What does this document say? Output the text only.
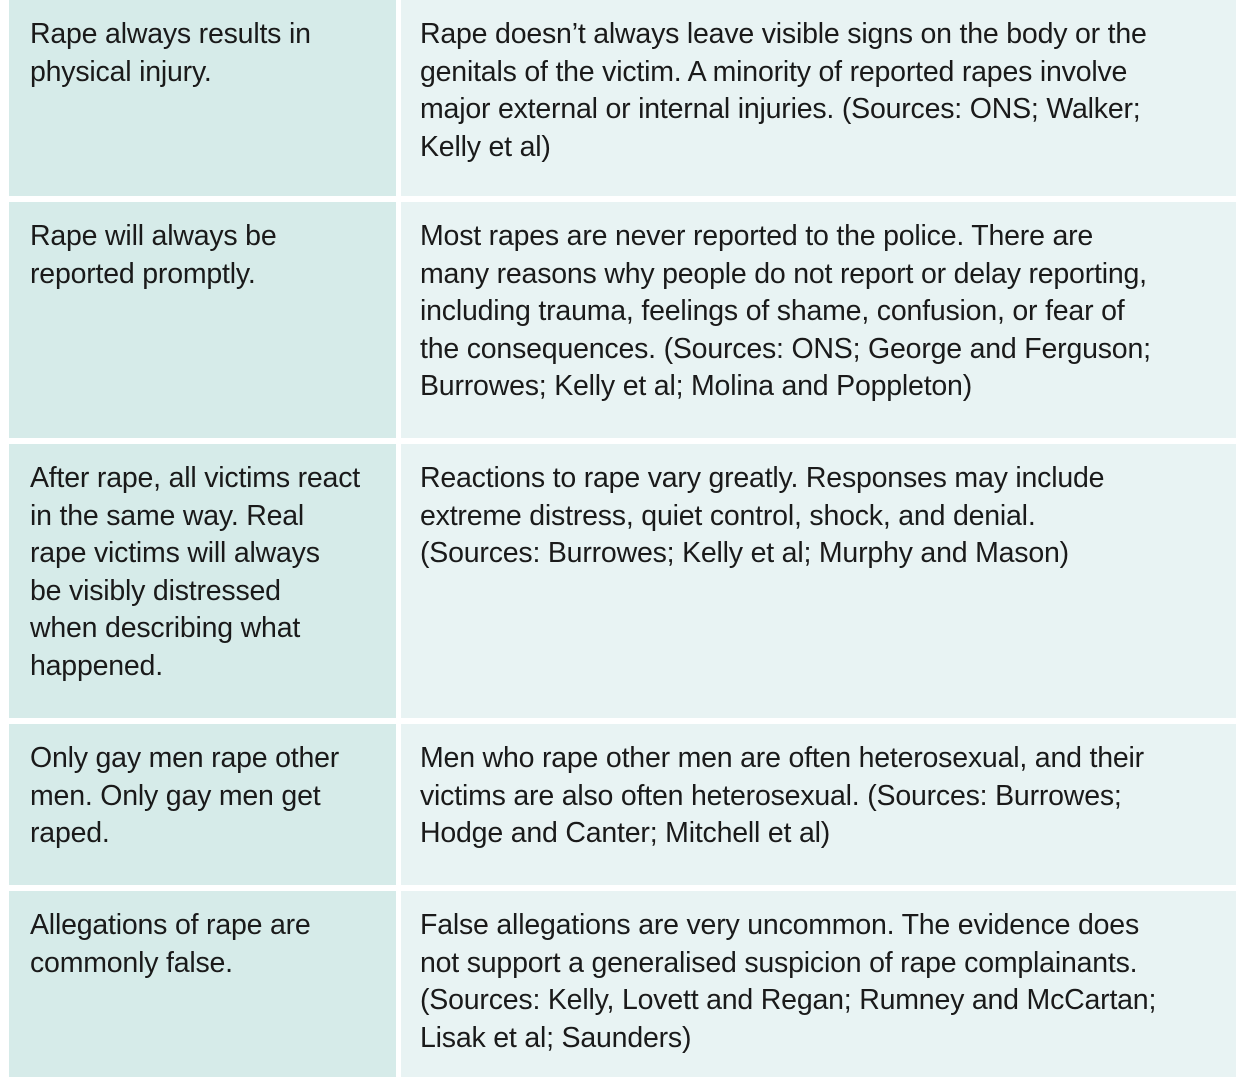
Rape always results in
physical injury.
Rape doesn’t always leave visible signs on the body or the
genitals of the victim. A minority of reported rapes involve
major external or internal injuries. (Sources: ONS; Walker;
Kelly et al)
Rape will always be
reported promptly.
Most rapes are never reported to the police. There are
many reasons why people do not report or delay reporting,
including trauma, feelings of shame, confusion, or fear of
the consequences. (Sources: ONS; George and Ferguson;
Burrowes; Kelly et al; Molina and Poppleton)
After rape, all victims react
in the same way. Real
rape victims will always
be visibly distressed
when describing what
happened.
Reactions to rape vary greatly. Responses may include
extreme distress, quiet control, shock, and denial.
(Sources: Burrowes; Kelly et al; Murphy and Mason)
Only gay men rape other
men. Only gay men get
raped.
Men who rape other men are often heterosexual, and their
victims are also often heterosexual. (Sources: Burrowes;
Hodge and Canter; Mitchell et al)
Allegations of rape are
commonly false.
False allegations are very uncommon. The evidence does
not support a generalised suspicion of rape complainants.
(Sources: Kelly, Lovett and Regan; Rumney and McCartan;
Lisak et al; Saunders)
